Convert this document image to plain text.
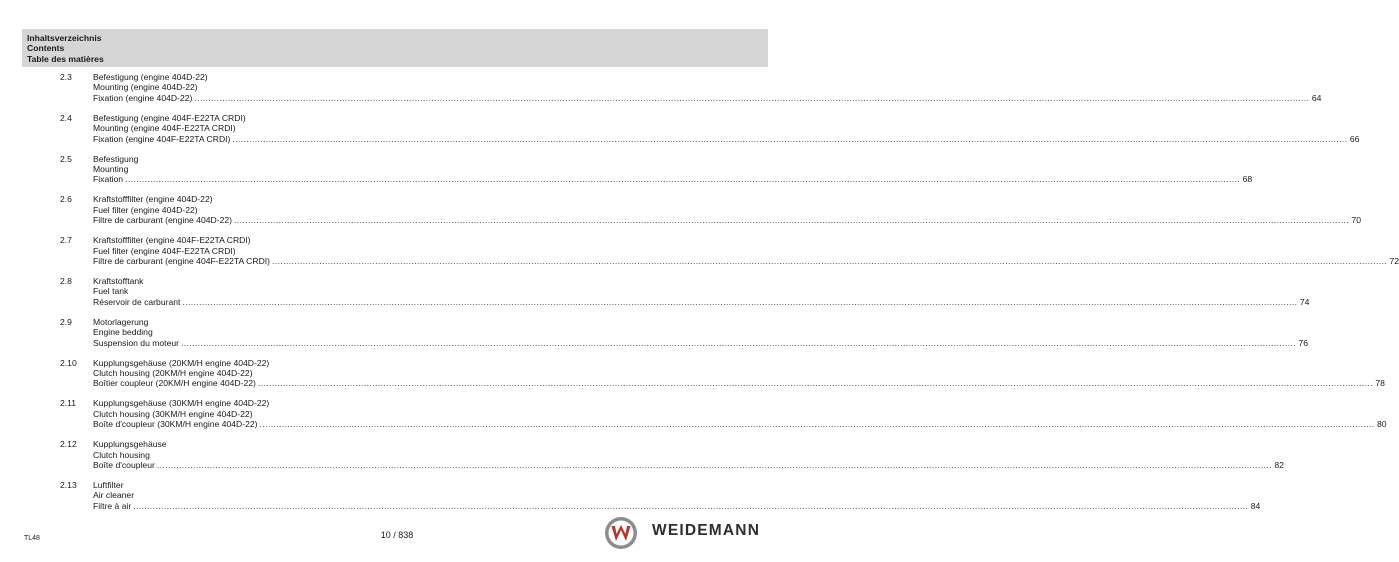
Inhaltsverzeichnis
Contents
Table des matières
2.3 Befestigung (engine 404D-22)
Mounting (engine 404D-22)
Fixation (engine 404D-22) ................................................................................................................................................................................................................................................................................................................................................................................................................ 64
2.4 Befestigung (engine 404F-E22TA CRDI)
Mounting (engine 404F-E22TA CRDI)
Fixation (engine 404F-E22TA CRDI) ................................................................................................................................................................................................................................................................................................................................................................................................................ 66
2.5 Befestigung
Mounting
Fixation ................................................................................................................................................................................................................................................................................................................................................................................................................ 68
2.6 Kraftstofffilter (engine 404D-22)
Fuel filter (engine 404D-22)
Filtre de carburant (engine 404D-22) ................................................................................................................................................................................................................................................................................................................................................................................................................ 70
2.7 Kraftstofffilter (engine 404F-E22TA CRDI)
Fuel filter (engine 404F-E22TA CRDI)
Filtre de carburant (engine 404F-E22TA CRDI) ................................................................................................................................................................................................................................................................................................................................................................................................................ 72
2.8 Kraftstofftank
Fuel tank
Réservoir de carburant ................................................................................................................................................................................................................................................................................................................................................................................................................ 74
2.9 Motorlagerung
Engine bedding
Suspension du moteur ................................................................................................................................................................................................................................................................................................................................................................................................................ 76
2.10 Kupplungsgehäuse (20KM/H engine 404D-22)
Clutch housing (20KM/H engine 404D-22)
Boîtier coupleur (20KM/H engine 404D-22) ................................................................................................................................................................................................................................................................................................................................................................................................................ 78
2.11 Kupplungsgehäuse (30KM/H engine 404D-22)
Clutch housing (30KM/H engine 404D-22)
Boîte d'coupleur (30KM/H engine 404D-22) ................................................................................................................................................................................................................................................................................................................................................................................................................ 80
2.12 Kupplungsgehäuse
Clutch housing
Boîte d'coupleur ................................................................................................................................................................................................................................................................................................................................................................................................................ 82
2.13 Luftfilter
Air cleaner
Filtre à air ................................................................................................................................................................................................................................................................................................................................................................................................................ 84
TL48	10 / 838	WEIDEMANN
